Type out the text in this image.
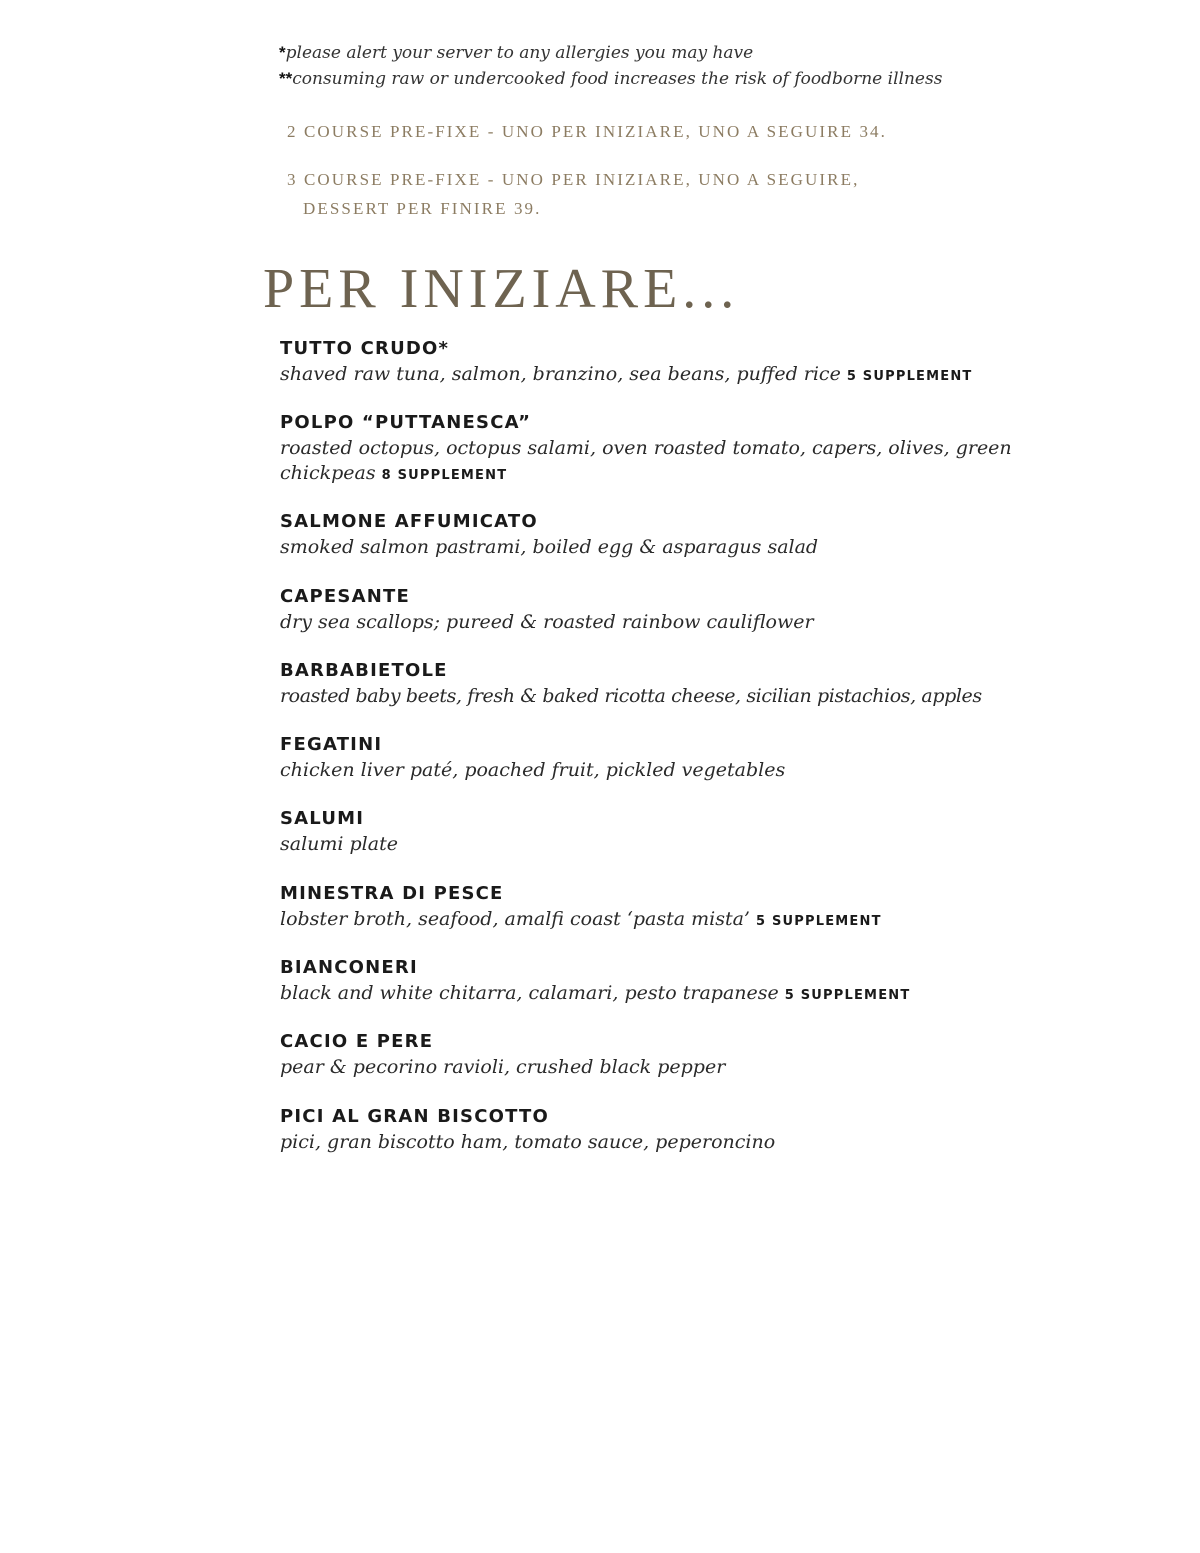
*please alert your server to any allergies you may have
**consuming raw or undercooked food increases the risk of foodborne illness
2 COURSE PRE-FIXE - UNO PER INIZIARE, UNO A SEGUIRE 34.
3 COURSE PRE-FIXE - UNO PER INIZIARE, UNO A SEGUIRE,
DESSERT PER FINIRE 39.
PER INIZIARE...
TUTTO CRUDO*
shaved raw tuna, salmon, branzino, sea beans, puffed rice 5 SUPPLEMENT
POLPO “PUTTANESCA”
roasted octopus, octopus salami, oven roasted tomato, capers, olives, green chickpeas 8 SUPPLEMENT
SALMONE AFFUMICATO
smoked salmon pastrami, boiled egg & asparagus salad
CAPESANTE
dry sea scallops; pureed & roasted rainbow cauliflower
BARBABIETOLE
roasted baby beets, fresh & baked ricotta cheese, sicilian pistachios, apples
FEGATINI
chicken liver paté, poached fruit, pickled vegetables
SALUMI
salumi plate
MINESTRA DI PESCE
lobster broth, seafood, amalfi coast ‘pasta mista’ 5 SUPPLEMENT
BIANCONERI
black and white chitarra, calamari, pesto trapanese 5 SUPPLEMENT
CACIO E PERE
pear & pecorino ravioli, crushed black pepper
PICI AL GRAN BISCOTTO
pici, gran biscotto ham, tomato sauce, peperoncino
